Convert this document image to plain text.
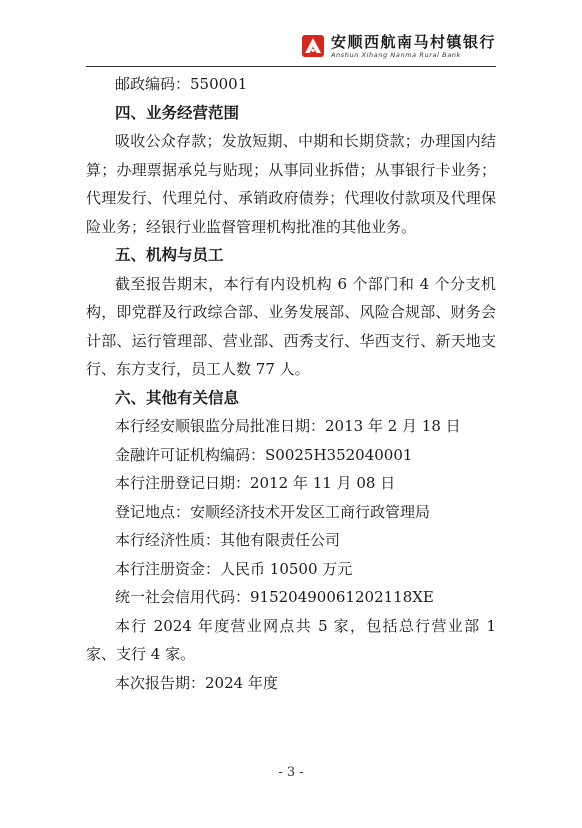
安顺西航南马村镇银行
Anshun Xihang Nanma Rural Bank

邮政编码：550001

四、业务经营范围

吸收公众存款；发放短期、中期和长期贷款；办理国内结算；办理票据承兑与贴现；从事同业拆借；从事银行卡业务；代理发行、代理兑付、承销政府债券；代理收付款项及代理保险业务；经银行业监督管理机构批准的其他业务。

五、机构与员工

截至报告期末，本行有内设机构 6 个部门和 4 个分支机构，即党群及行政综合部、业务发展部、风险合规部、财务会计部、运行管理部、营业部、西秀支行、华西支行、新天地支行、东方支行，员工人数 77 人。

六、其他有关信息

本行经安顺银监分局批准日期：2013 年 2 月 18 日

金融许可证机构编码：S0025H352040001

本行注册登记日期：2012 年 11 月 08 日

登记地点：安顺经济技术开发区工商行政管理局

本行经济性质：其他有限责任公司

本行注册资金：人民币 10500 万元

统一社会信用代码：91520490061202118XE

本行 2024 年度营业网点共 5 家，包括总行营业部 1 家、支行 4 家。

本次报告期：2024 年度

- 3 -
